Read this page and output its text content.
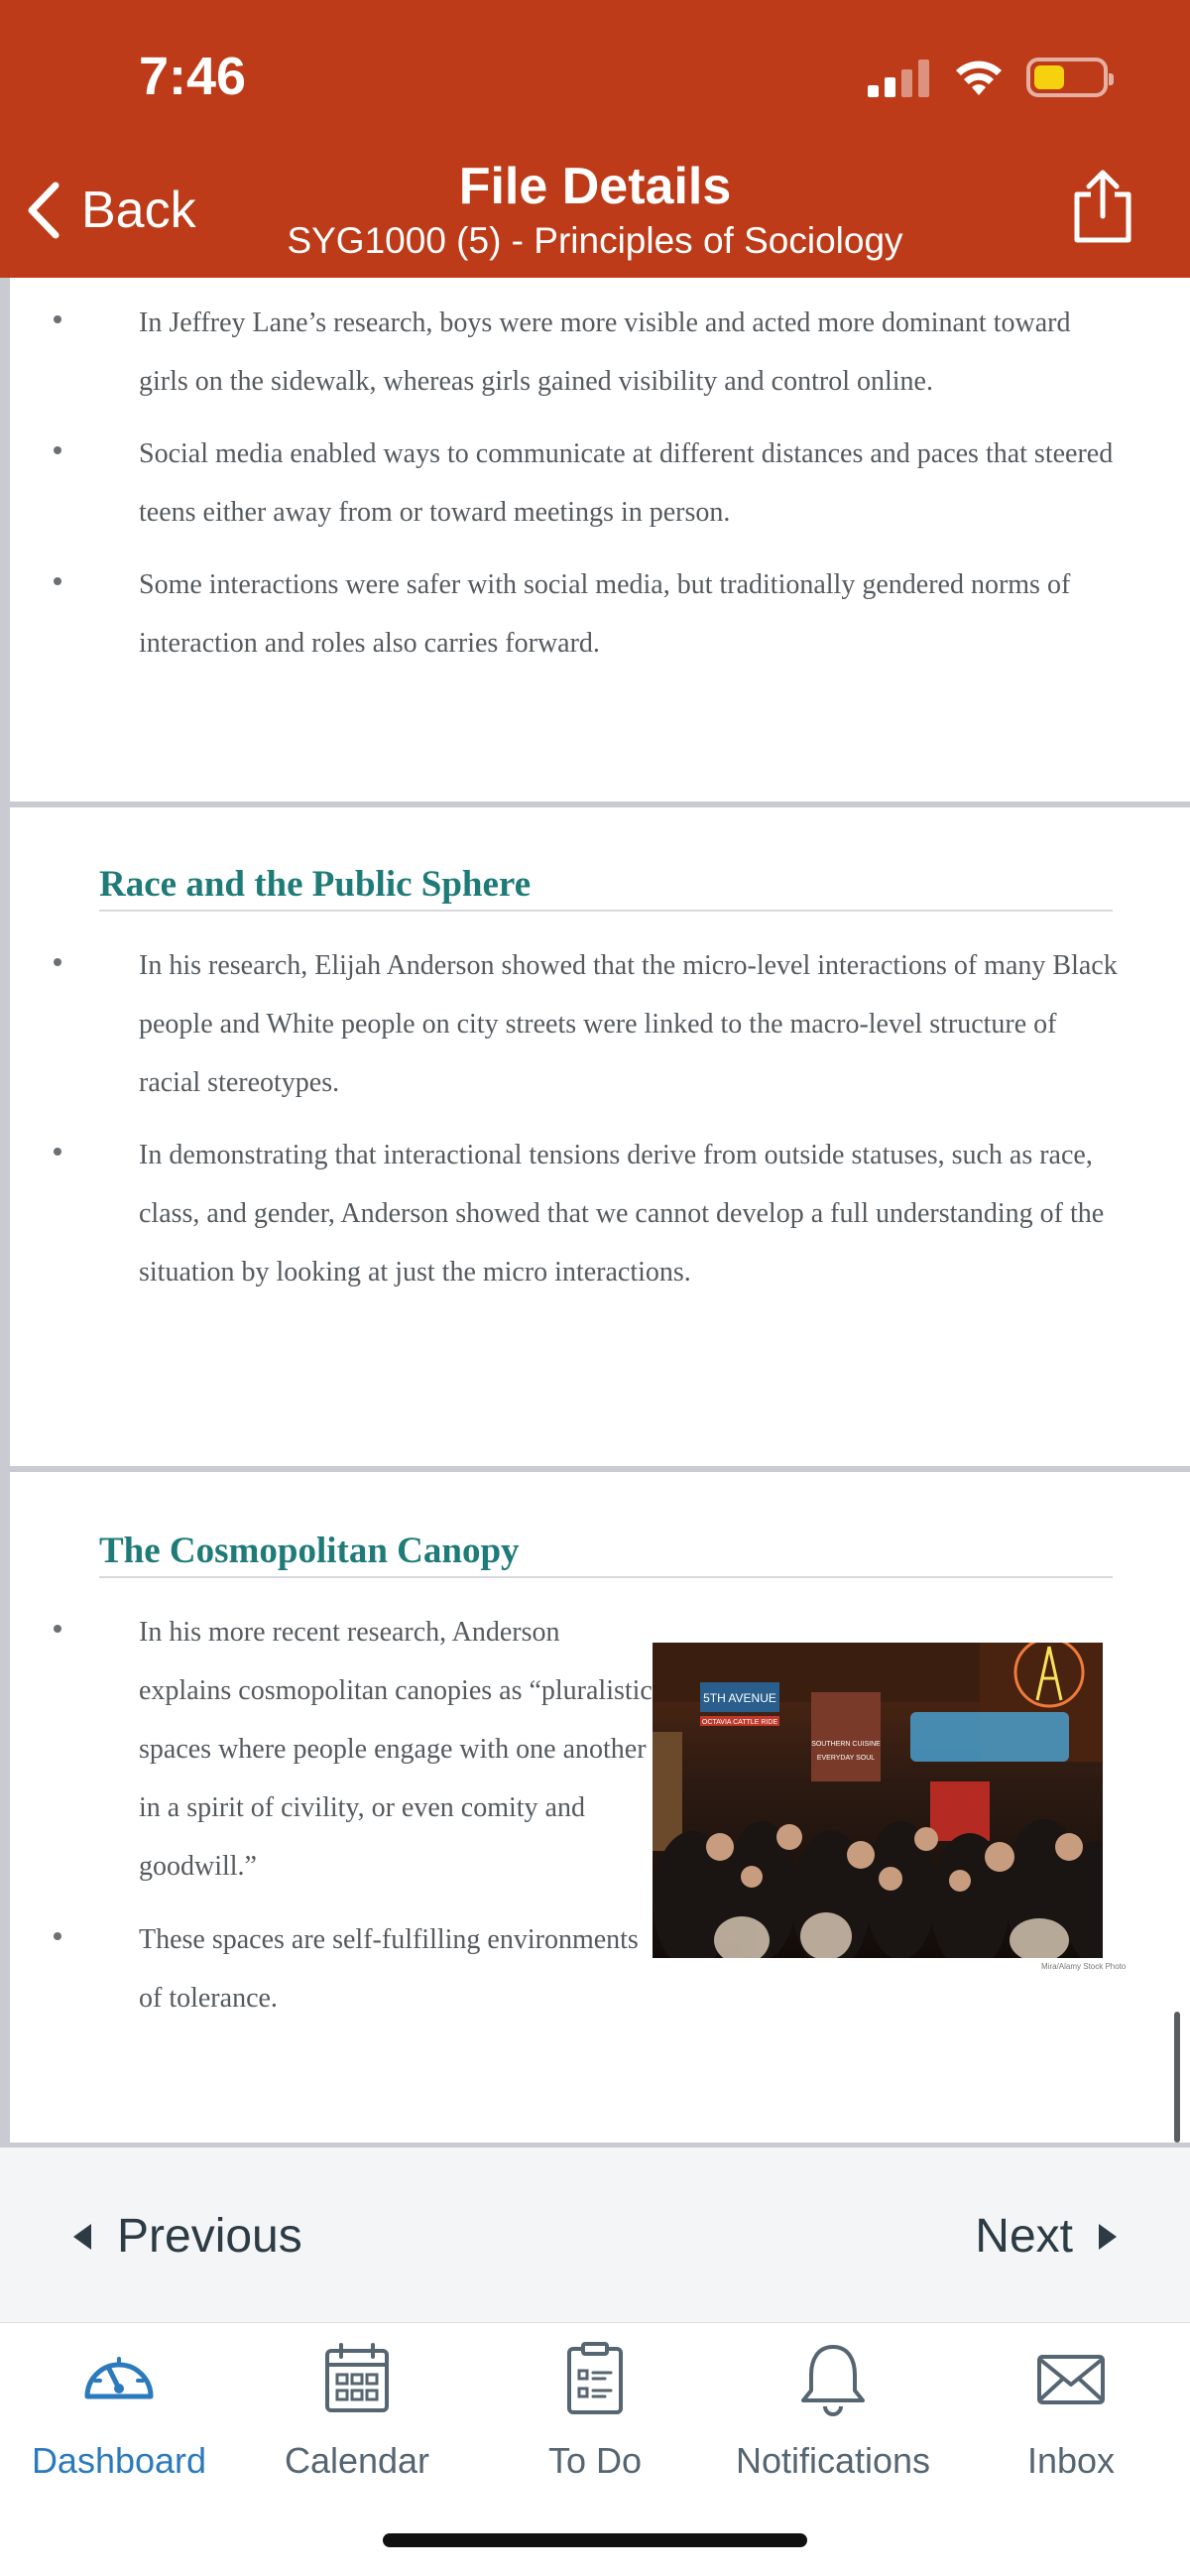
7:46
Back	File Details
SYG1000 (5) - Principles of Sociology
In Jeffrey Lane’s research, boys were more visible and acted more dominant toward girls on the sidewalk, whereas girls gained visibility and control online.
Social media enabled ways to communicate at different distances and paces that steered teens either away from or toward meetings in person.
Some interactions were safer with social media, but traditionally gendered norms of interaction and roles also carries forward.
Race and the Public Sphere
In his research, Elijah Anderson showed that the micro-level interactions of many Black people and White people on city streets were linked to the macro-level structure of racial stereotypes.
In demonstrating that interactional tensions derive from outside statuses, such as race, class, and gender, Anderson showed that we cannot develop a full understanding of the situation by looking at just the micro interactions.
The Cosmopolitan Canopy
In his more recent research, Anderson explains cosmopolitan canopies as “pluralistic spaces where people engage with one another in a spirit of civility, or even comity and goodwill.”
These spaces are self-fulfilling environments of tolerance.
5TH AVENUE
OCTAVIA CATTLE RIDE
SOUTHERN CUISINE
EVERYDAY SOUL
Mira/Alamy Stock Photo
Previous	Next
Dashboard	Calendar	To Do	Notifications	Inbox
